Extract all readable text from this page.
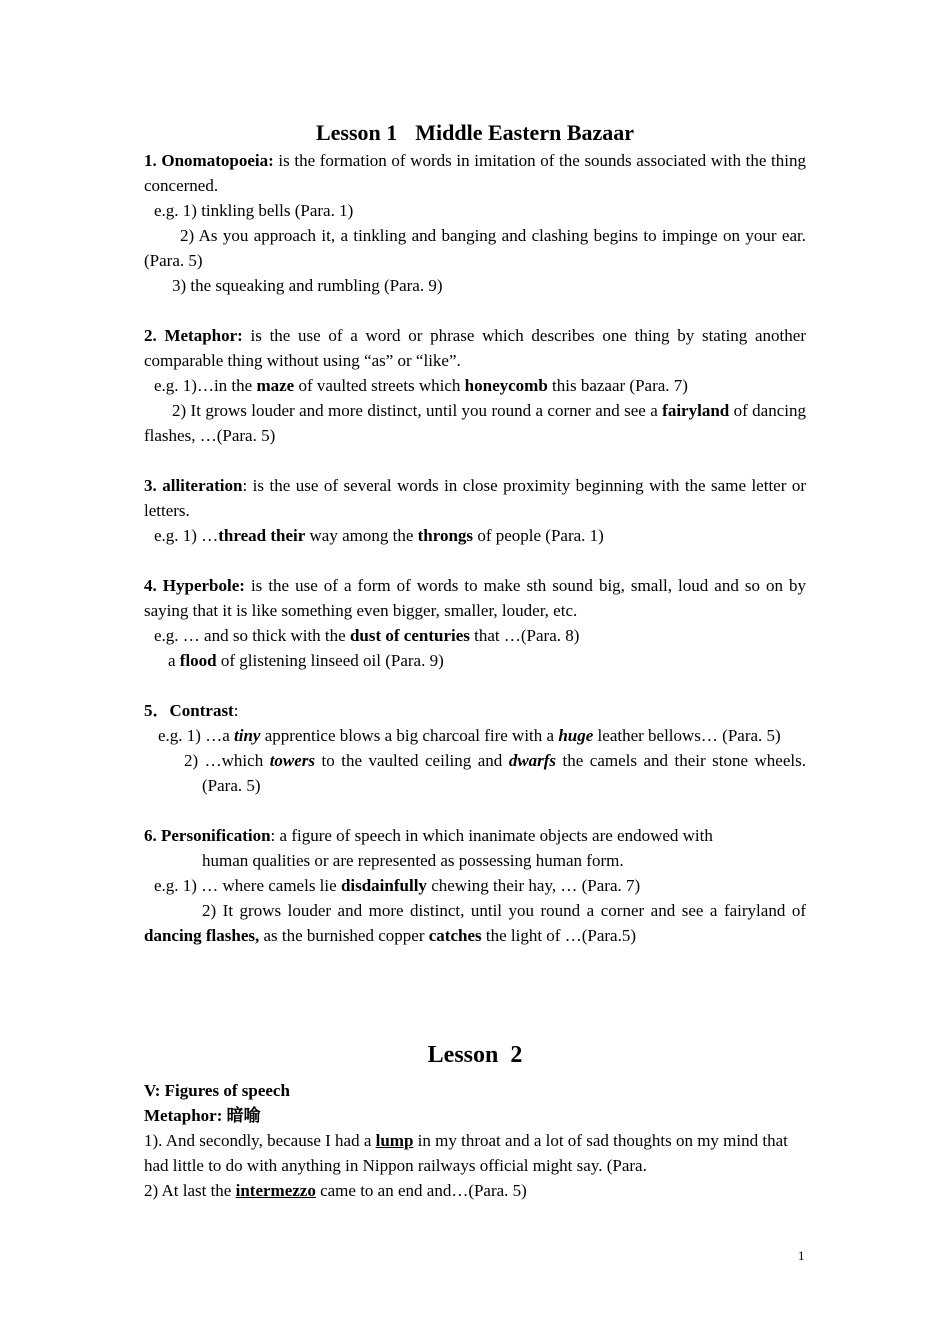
Lesson 1 Middle Eastern Bazaar

1. Onomatopoeia: is the formation of words in imitation of the sounds associated with the thing concerned.

e.g. 1) tinkling bells (Para. 1)

2) As you approach it, a tinkling and banging and clashing begins to impinge on your ear. (Para. 5)

3) the squeaking and rumbling (Para. 9)

2. Metaphor: is the use of a word or phrase which describes one thing by stating another comparable thing without using “as” or “like”.

e.g. 1)…in the maze of vaulted streets which honeycomb this bazaar (Para. 7)

2) It grows louder and more distinct, until you round a corner and see a fairyland of dancing flashes, …(Para. 5)

3. alliteration: is the use of several words in close proximity beginning with the same letter or letters.

e.g. 1) …thread their way among the throngs of people (Para. 1)

4. Hyperbole: is the use of a form of words to make sth sound big, small, loud and so on by saying that it is like something even bigger, smaller, louder, etc.

e.g. … and so thick with the dust of centuries that …(Para. 8)

a flood of glistening linseed oil (Para. 9)

5．Contrast:

e.g. 1) …a tiny apprentice blows a big charcoal fire with a huge leather bellows… (Para. 5)

2) …which towers to the vaulted ceiling and dwarfs the camels and their stone wheels. (Para. 5)

6. Personification: a figure of speech in which inanimate objects are endowed with

human qualities or are represented as possessing human form.

e.g. 1) … where camels lie disdainfully chewing their hay, … (Para. 7)

2) It grows louder and more distinct, until you round a corner and see a fairyland of dancing flashes, as the burnished copper catches the light of …(Para.5)

Lesson 2

V: Figures of speech

Metaphor: 暗喻

1). And secondly, because I had a lump in my throat and a lot of sad thoughts on my mind that had little to do with anything in Nippon railways official might say. (Para.

2) At last the intermezzo came to an end and…(Para. 5)

1
